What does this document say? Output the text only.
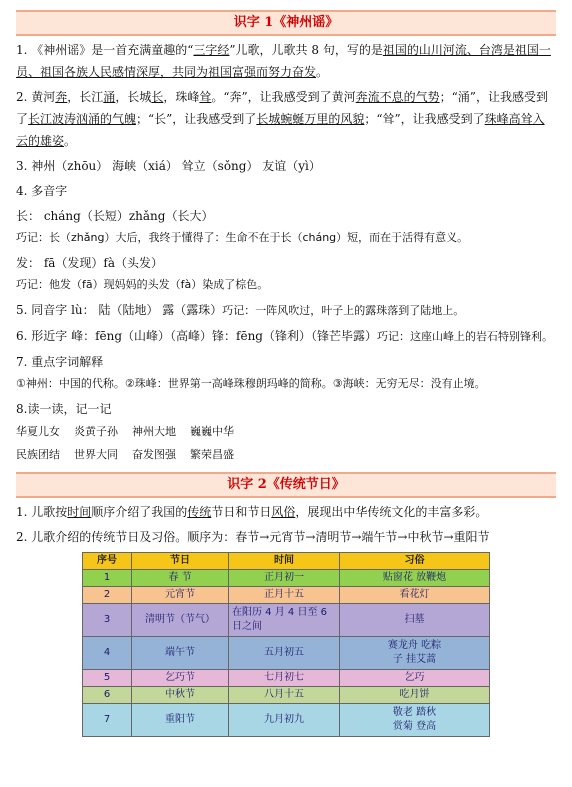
识字 1《神州谣》

1. 《神州谣》是一首充满童趣的“三字经”儿歌，儿歌共 8 句，写的是祖国的山川河流、台湾是祖国一员、祖国各族人民感情深厚，共同为祖国富强而努力奋发。

2. 黄河奔，长江涌，长城长，珠峰耸。“奔”，让我感受到了黄河奔流不息的气势；“涌”，让我感受到了长江波涛汹涌的气魄；“长”，让我感受到了长城蜿蜒万里的风貌；“耸”，让我感受到了珠峰高耸入云的雄姿。

3. 神州（zhōu） 海峡（xiá） 耸立（sǒng） 友谊（yì）

4. 多音字

长： cháng（长短）zhǎng（长大）

巧记：长（zhǎng）大后，我终于懂得了：生命不在于长（cháng）短，而在于活得有意义。

发： fā（发现）fà（头发）

巧记：他发（fā）现妈妈的头发（fà）染成了棕色。

5. 同音字 lù： 陆（陆地） 露（露珠）巧记：一阵风吹过，叶子上的露珠落到了陆地上。

6. 形近字 峰：fēng（山峰）（高峰）锋：fēng（锋利）（锋芒毕露）巧记：这座山峰上的岩石特别锋利。

7. 重点字词解释

①神州：中国的代称。②珠峰：世界第一高峰珠穆朗玛峰的简称。③海峡：无穷无尽：没有止境。

8.读一读，记一记

华夏儿女 炎黄子孙 神州大地 巍巍中华

民族团结 世界大同 奋发图强 繁荣昌盛

识字 2《传统节日》

1. 儿歌按时间顺序介绍了我国的传统节日和节日风俗，展现出中华传统文化的丰富多彩。

2. 儿歌介绍的传统节日及习俗。顺序为：春节→元宵节→清明节→端午节→中秋节→重阳节

序号	节日	时间	习俗
1	春 节	正月初一	贴窗花 放鞭炮
2	元宵节	正月十五	看花灯
3	清明节（节气）	在阳历 4 月 4 日至 6 日之间	扫墓
4	端午节	五月初五	赛龙舟 吃粽子 挂艾蒿
5	乞巧节	七月初七	乞巧
6	中秋节	八月十五	吃月饼
7	重阳节	九月初九	敬老 踏秋 赏菊 登高
